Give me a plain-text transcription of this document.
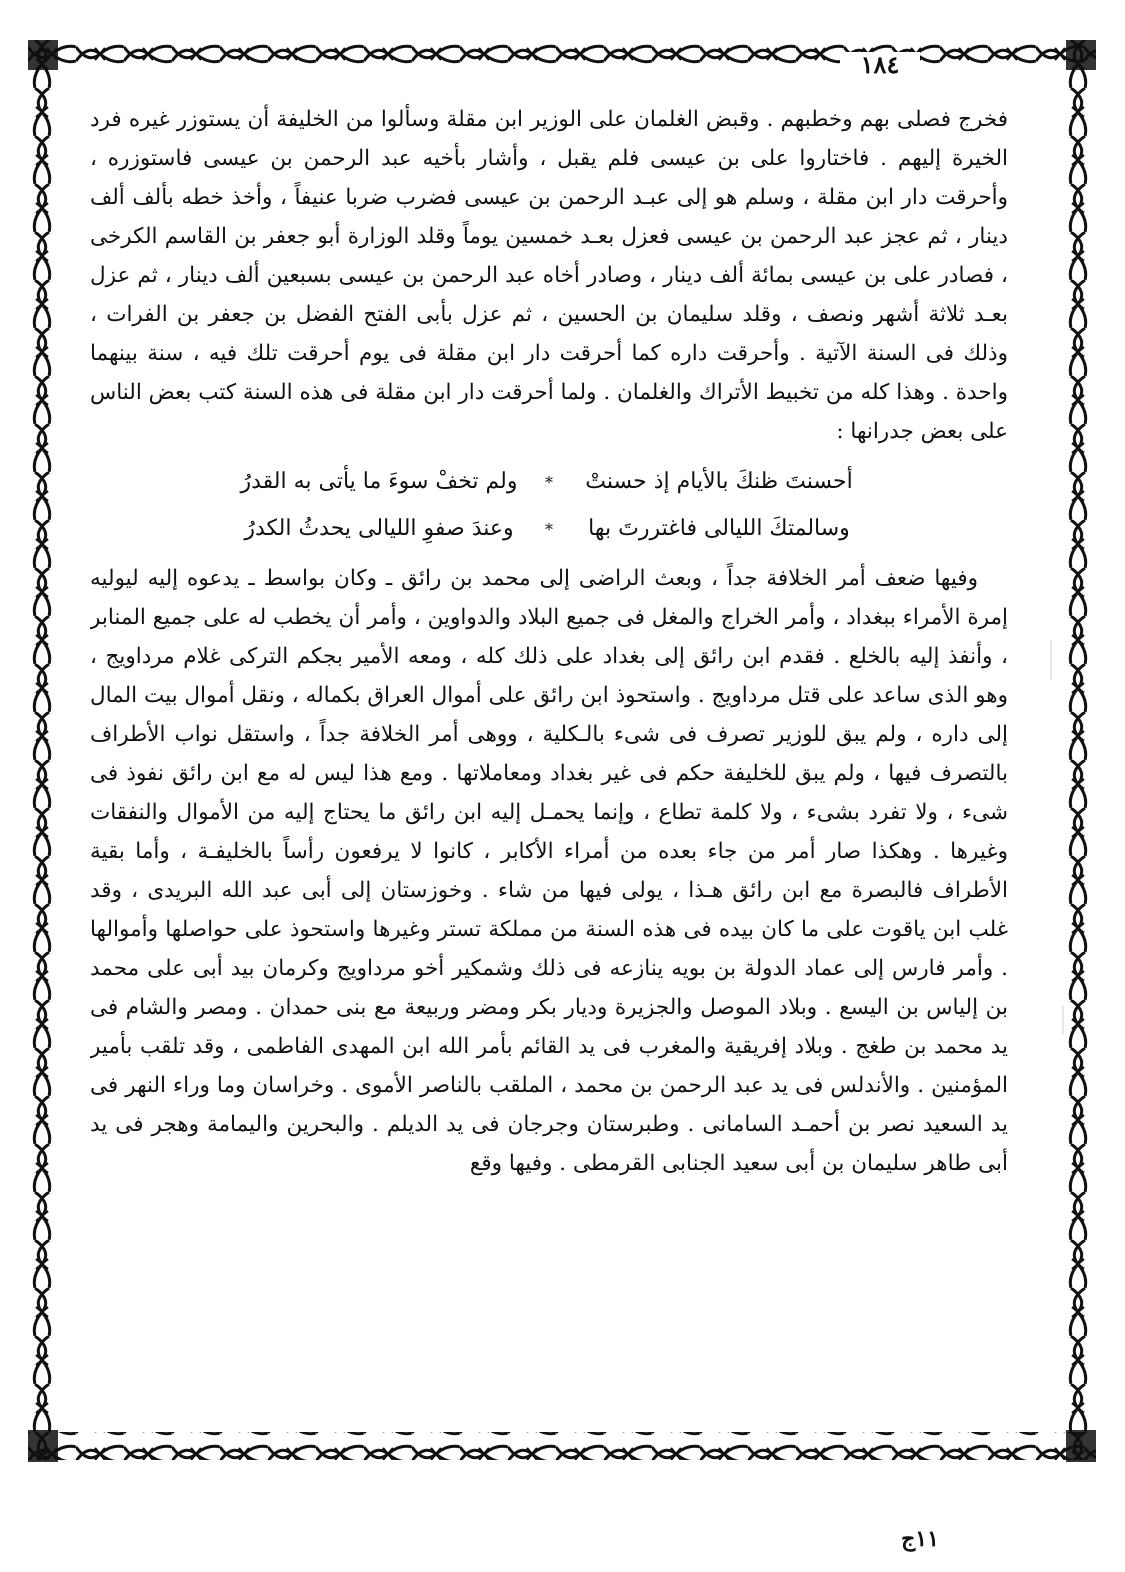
١٨٤

فخرج فصلى بهم وخطبهم . وقبض الغلمان على الوزير ابن مقلة وسألوا من الخليفة أن يستوزر غيره فرد الخيرة إليهم . فاختاروا على بن عيسى فلم يقبل ، وأشار بأخيه عبد الرحمن بن عيسى فاستوزره ، وأحرقت دار ابن مقلة ، وسلم هو إلى عبـد الرحمن بن عيسى فضرب ضربا عنيفاً ، وأخذ خطه بألف ألف دينار ، ثم عجز عبد الرحمن بن عيسى فعزل بعـد خمسين يوماً وقلد الوزارة أبو جعفر بن القاسم الكرخى ، فصادر على بن عيسى بمائة ألف دينار ، وصادر أخاه عبد الرحمن بن عيسى بسبعين ألف دينار ، ثم عزل بعـد ثلاثة أشهر ونصف ، وقلد سليمان بن الحسين ، ثم عزل بأبى الفتح الفضل بن جعفر بن الفرات ، وذلك فى السنة الآتية . وأحرقت داره كما أحرقت دار ابن مقلة فى يوم أحرقت تلك فيه ، سنة بينهما واحدة . وهذا كله من تخبيط الأتراك والغلمان . ولما أحرقت دار ابن مقلة فى هذه السنة كتب بعض الناس على بعض جدرانها :

أحسنتَ ظنكَ بالأيام إذ حسنتْ
*
ولم تخفْ سوءَ ما يأتى به القدرُ
وسالمتكَ الليالى فاغتررتَ بها
*
وعندَ صفوِ الليالى يحدثُ الكدرُ

وفيها ضعف أمر الخلافة جداً ، وبعث الراضى إلى محمد بن رائق ـ وكان بواسط ـ يدعوه إليه ليوليه إمرة الأمراء ببغداد ، وأمر الخراج والمغل فى جميع البلاد والدواوين ، وأمر أن يخطب له على جميع المنابر ، وأنفذ إليه بالخلع . فقدم ابن رائق إلى بغداد على ذلك كله ، ومعه الأمير بجكم التركى غلام مرداويج ، وهو الذى ساعد على قتل مرداويج . واستحوذ ابن رائق على أموال العراق بكماله ، ونقل أموال بيت المال إلى داره ، ولم يبق للوزير تصرف فى شىء بالـكلية ، ووهى أمر الخلافة جداً ، واستقل نواب الأطراف بالتصرف فيها ، ولم يبق للخليفة حكم فى غير بغداد ومعاملاتها . ومع هذا ليس له مع ابن رائق نفوذ فى شىء ، ولا تفرد بشىء ، ولا كلمة تطاع ، وإنما يحمـل إليه ابن رائق ما يحتاج إليه من الأموال والنفقات وغيرها . وهكذا صار أمر من جاء بعده من أمراء الأكابر ، كانوا لا يرفعون رأساً بالخليفـة ، وأما بقية الأطراف فالبصرة مع ابن رائق هـذا ، يولى فيها من شاء . وخوزستان إلى أبى عبد الله البريدى ، وقد غلب ابن ياقوت على ما كان بيده فى هذه السنة من مملكة تستر وغيرها واستحوذ على حواصلها وأموالها . وأمر فارس إلى عماد الدولة بن بويه ينازعه فى ذلك وشمكير أخو مرداويج وكرمان بيد أبى على محمد بن إلياس بن اليسع . وبلاد الموصل والجزيرة وديار بكر ومضر وربيعة مع بنى حمدان . ومصر والشام فى يد محمد بن طغج . وبلاد إفريقية والمغرب فى يد القائم بأمر الله ابن المهدى الفاطمى ، وقد تلقب بأمير المؤمنين . والأندلس فى يد عبد الرحمن بن محمد ، الملقب بالناصر الأموى . وخراسان وما وراء النهر فى يد السعيد نصر بن أحمـد السامانى . وطبرستان وجرجان فى يد الديلم . والبحرين واليمامة وهجر فى يد أبى طاهر سليمان بن أبى سعيد الجنابى القرمطى . وفيها وقع

١١ج
